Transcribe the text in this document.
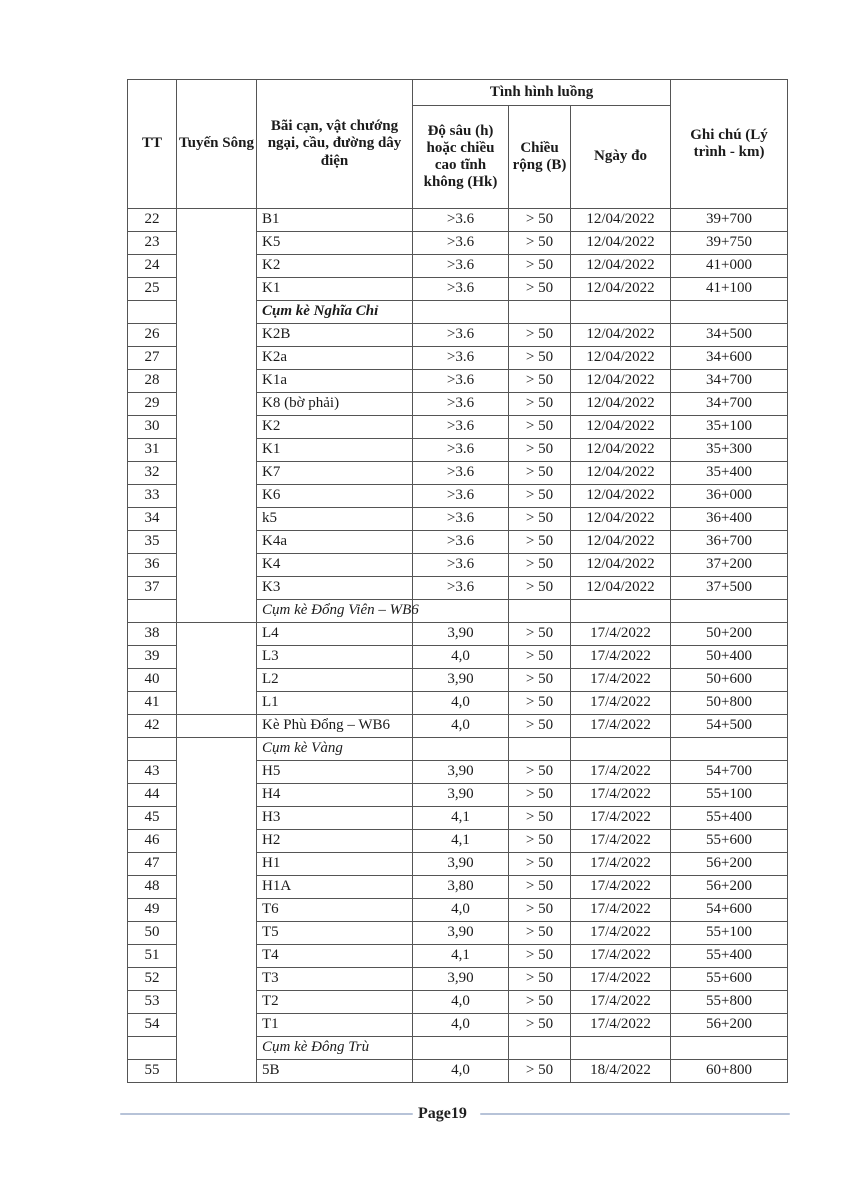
TT	Tuyến Sông	Bãi cạn, vật chướng ngại, cầu, đường dây điện	Tình hình luồng			Ghi chú (Lý trình - km)
			Độ sâu (h) hoặc chiều cao tĩnh không (Hk)	Chiều rộng (B)	Ngày đo	
22		B1	>3.6	> 50	12/04/2022	39+700
23		K5	>3.6	> 50	12/04/2022	39+750
24		K2	>3.6	> 50	12/04/2022	41+000
25		K1	>3.6	> 50	12/04/2022	41+100
		Cụm kè Nghĩa Chỉ				
26		K2B	>3.6	> 50	12/04/2022	34+500
27		K2a	>3.6	> 50	12/04/2022	34+600
28		K1a	>3.6	> 50	12/04/2022	34+700
29		K8 (bờ phải)	>3.6	> 50	12/04/2022	34+700
30		K2	>3.6	> 50	12/04/2022	35+100
31		K1	>3.6	> 50	12/04/2022	35+300
32		K7	>3.6	> 50	12/04/2022	35+400
33		K6	>3.6	> 50	12/04/2022	36+000
34		k5	>3.6	> 50	12/04/2022	36+400
35		K4a	>3.6	> 50	12/04/2022	36+700
36		K4	>3.6	> 50	12/04/2022	37+200
37		K3	>3.6	> 50	12/04/2022	37+500
		Cụm kè Đổng Viên – WB6				
38		L4	3,90	> 50	17/4/2022	50+200
39		L3	4,0	> 50	17/4/2022	50+400
40		L2	3,90	> 50	17/4/2022	50+600
41		L1	4,0	> 50	17/4/2022	50+800
42		Kè Phù Đổng – WB6	4,0	> 50	17/4/2022	54+500
		Cụm kè Vàng				
43		H5	3,90	> 50	17/4/2022	54+700
44		H4	3,90	> 50	17/4/2022	55+100
45		H3	4,1	> 50	17/4/2022	55+400
46		H2	4,1	> 50	17/4/2022	55+600
47		H1	3,90	> 50	17/4/2022	56+200
48		H1A	3,80	> 50	17/4/2022	56+200
49		T6	4,0	> 50	17/4/2022	54+600
50		T5	3,90	> 50	17/4/2022	55+100
51		T4	4,1	> 50	17/4/2022	55+400
52		T3	3,90	> 50	17/4/2022	55+600
53		T2	4,0	> 50	17/4/2022	55+800
54		T1	4,0	> 50	17/4/2022	56+200
		Cụm kè Đông Trù				
55		5B	4,0	> 50	18/4/2022	60+800
Page19
